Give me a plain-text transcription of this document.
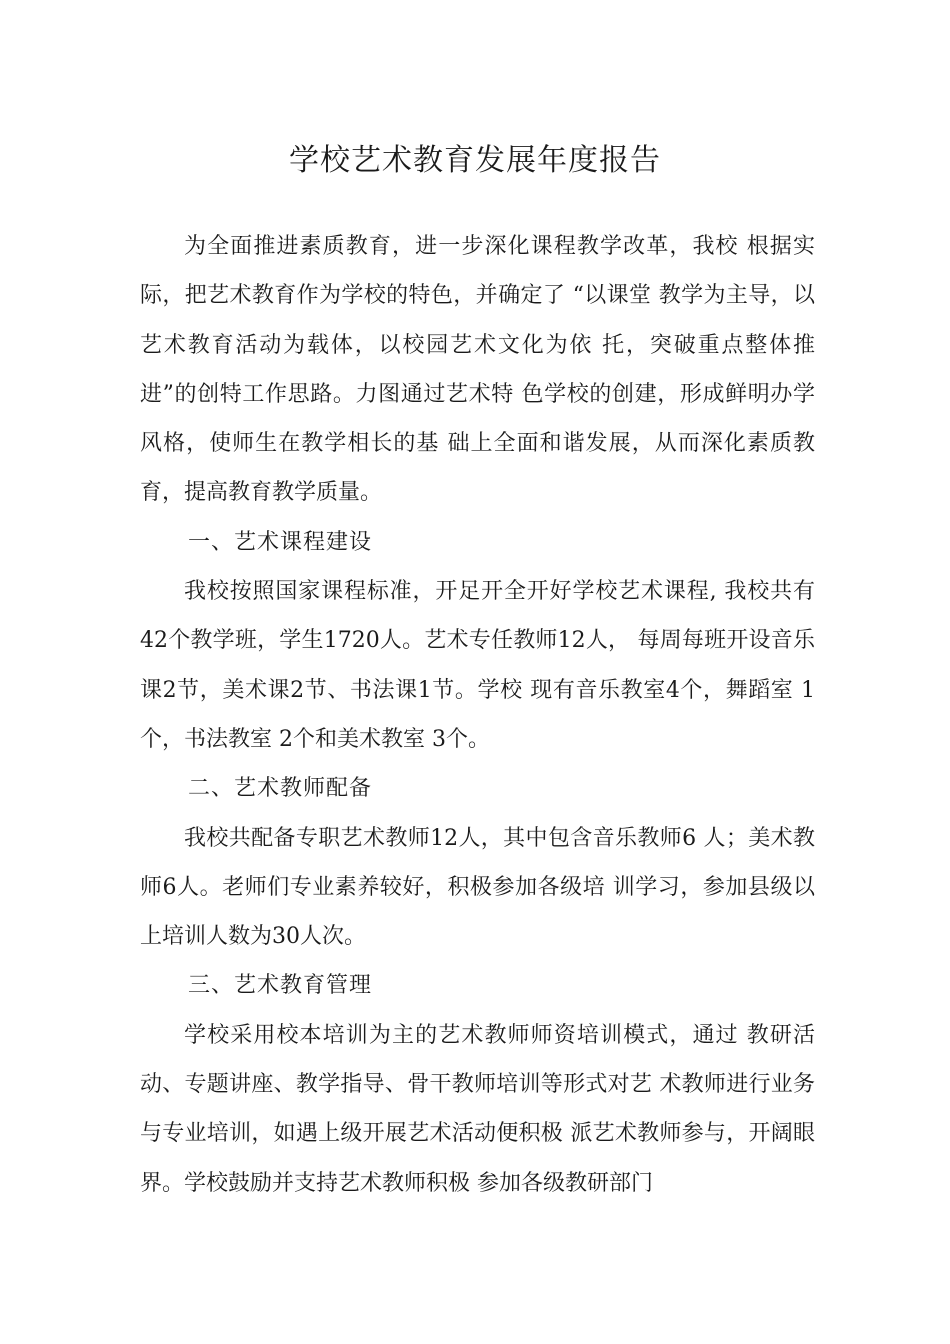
学校艺术教育发展年度报告

为全面推进素质教育，进一步深化课程教学改革，我校 根据实际，把艺术教育作为学校的特色，并确定了 “以课堂 教学为主导，以艺术教育活动为载体，以校园艺术文化为依 托，突破重点整体推进”的创特工作思路。力图通过艺术特 色学校的创建，形成鲜明办学风格，使师生在教学相长的基 础上全面和谐发展，从而深化素质教育，提高教育教学质量。

一、艺术课程建设

我校按照国家课程标准，开足开全开好学校艺术课程, 我校共有42个教学班，学生1720人。艺术专任教师12人， 每周每班开设音乐课2节，美术课2节、书法课1节。学校 现有音乐教室4个，舞蹈室 1个，书法教室 2个和美术教室 3个。

二、艺术教师配备

我校共配备专职艺术教师12人，其中包含音乐教师6 人；美术教师6人。老师们专业素养较好，积极参加各级培 训学习，参加县级以上培训人数为30人次。

三、艺术教育管理

学校采用校本培训为主的艺术教师师资培训模式，通过 教研活动、专题讲座、教学指导、骨干教师培训等形式对艺 术教师进行业务与专业培训，如遇上级开展艺术活动便积极 派艺术教师参与，开阔眼界。学校鼓励并支持艺术教师积极 参加各级教研部门
